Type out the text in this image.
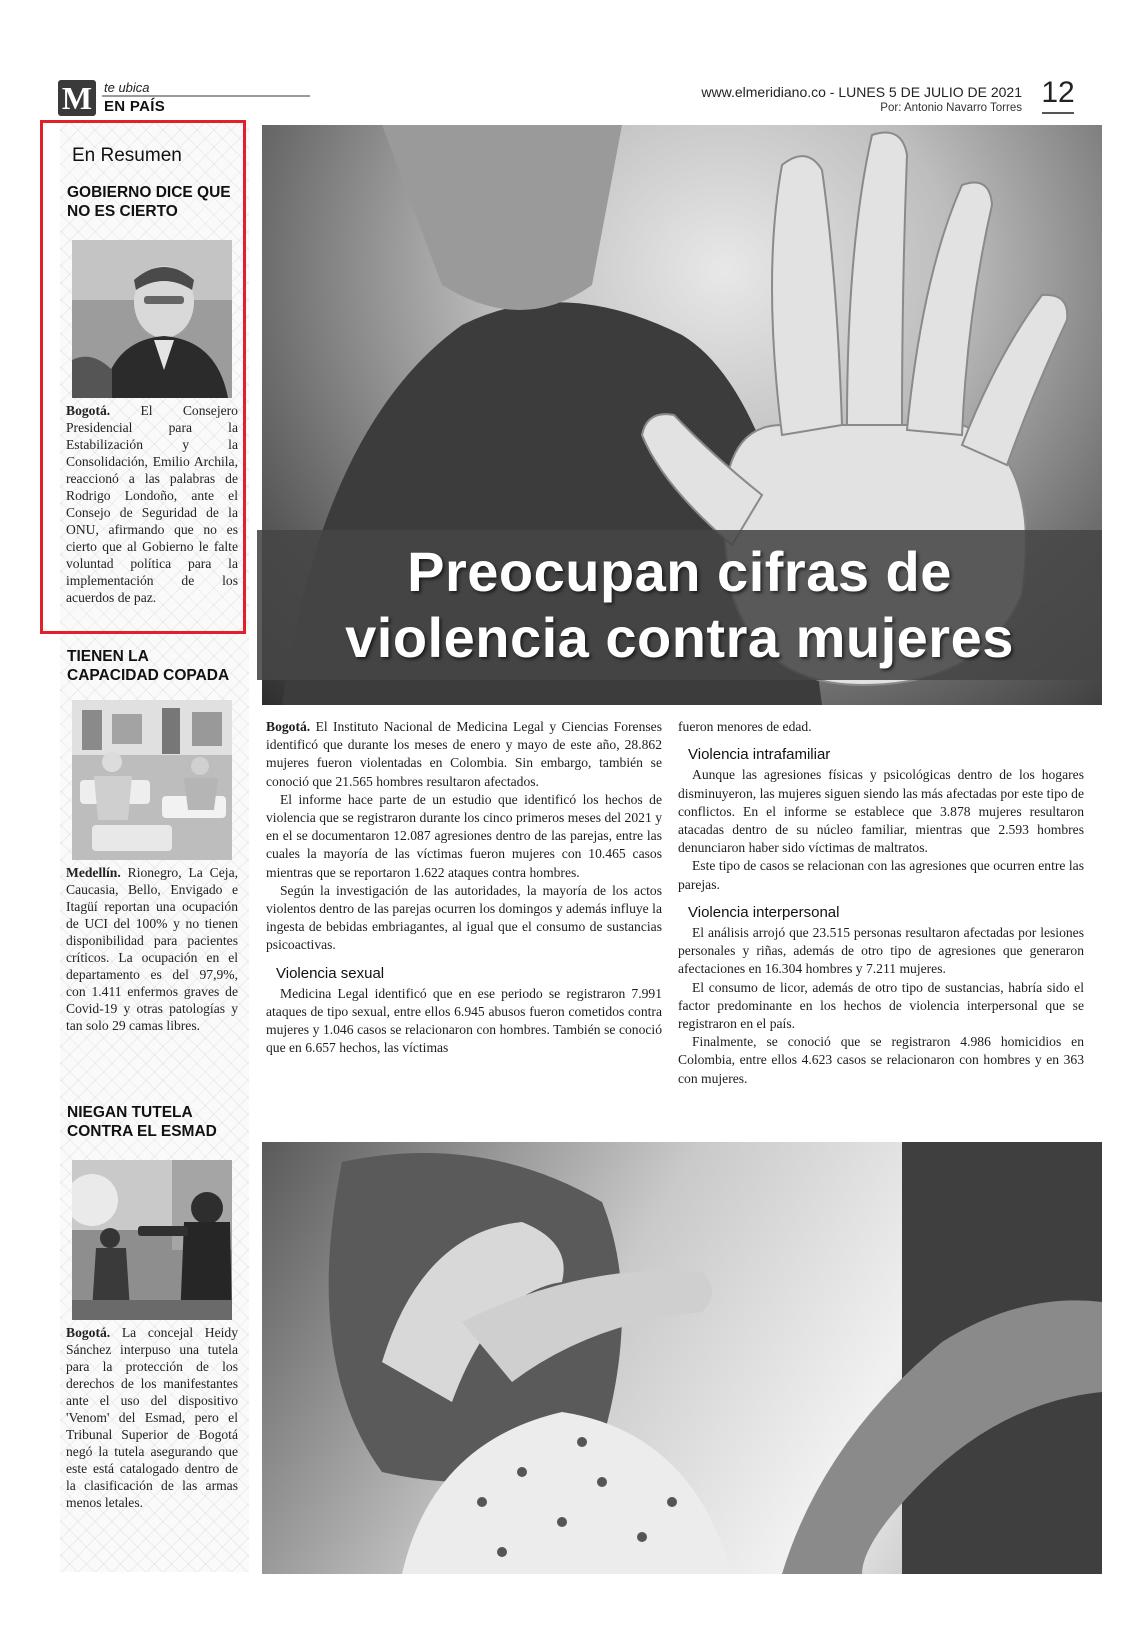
M te ubica
EN PAÍS
www.elmeridiano.co - LUNES 5 DE JULIO DE 2021
Por: Antonio Navarro Torres 12
En Resumen
GOBIERNO DICE QUE NO ES CIERTO
Bogotá. El Consejero Presidencial para la Estabilización y la Consolidación, Emilio Archila, reaccionó a las palabras de Rodrigo Londoño, ante el Consejo de Seguridad de la ONU, afirmando que no es cierto que al Gobierno le falte voluntad política para la implementación de los acuerdos de paz.
TIENEN LA CAPACIDAD COPADA
Medellín. Rionegro, La Ceja, Caucasia, Bello, Envigado e Itagüí reportan una ocupación de UCI del 100% y no tienen disponibilidad para pacientes críticos. La ocupación en el departamento es del 97,9%, con 1.411 enfermos graves de Covid-19 y otras patologías y tan solo 29 camas libres.
NIEGAN TUTELA CONTRA EL ESMAD
Bogotá. La concejal Heidy Sánchez interpuso una tutela para la protección de los derechos de los manifestantes ante el uso del dispositivo 'Venom' del Esmad, pero el Tribunal Superior de Bogotá negó la tutela asegurando que este está catalogado dentro de la clasificación de las armas menos letales.
Preocupan cifras de
violencia contra mujeres

Bogotá. El Instituto Nacional de Medicina Legal y Ciencias Forenses identificó que durante los meses de enero y mayo de este año, 28.862 mujeres fueron violentadas en Colombia. Sin embargo, también se conoció que 21.565 hombres resultaron afectados.

El informe hace parte de un estudio que identificó los hechos de violencia que se registraron durante los cinco primeros meses del 2021 y en el se documentaron 12.087 agresiones dentro de las parejas, entre las cuales la mayoría de las víctimas fueron mujeres con 10.465 casos mientras que se reportaron 1.622 ataques contra hombres.

Según la investigación de las autoridades, la mayoría de los actos violentos dentro de las parejas ocurren los domingos y además influye la ingesta de bebidas embriagantes, al igual que el consumo de sustancias psicoactivas.

Violencia sexual

Medicina Legal identificó que en ese periodo se registraron 7.991 ataques de tipo sexual, entre ellos 6.945 abusos fueron cometidos contra mujeres y 1.046 casos se relacionaron con hombres. También se conoció que en 6.657 hechos, las víctimas

fueron menores de edad.

Violencia intrafamiliar

Aunque las agresiones físicas y psicológicas dentro de los hogares disminuyeron, las mujeres siguen siendo las más afectadas por este tipo de conflictos. En el informe se establece que 3.878 mujeres resultaron atacadas dentro de su núcleo familiar, mientras que 2.593 hombres denunciaron haber sido víctimas de maltratos.

Este tipo de casos se relacionan con las agresiones que ocurren entre las parejas.

Violencia interpersonal

El análisis arrojó que 23.515 personas resultaron afectadas por lesiones personales y riñas, además de otro tipo de agresiones que generaron afectaciones en 16.304 hombres y 7.211 mujeres.

El consumo de licor, además de otro tipo de sustancias, habría sido el factor predominante en los hechos de violencia interpersonal que se registraron en el país.

Finalmente, se conoció que se registraron 4.986 homicidios en Colombia, entre ellos 4.623 casos se relacionaron con hombres y en 363 con mujeres.
